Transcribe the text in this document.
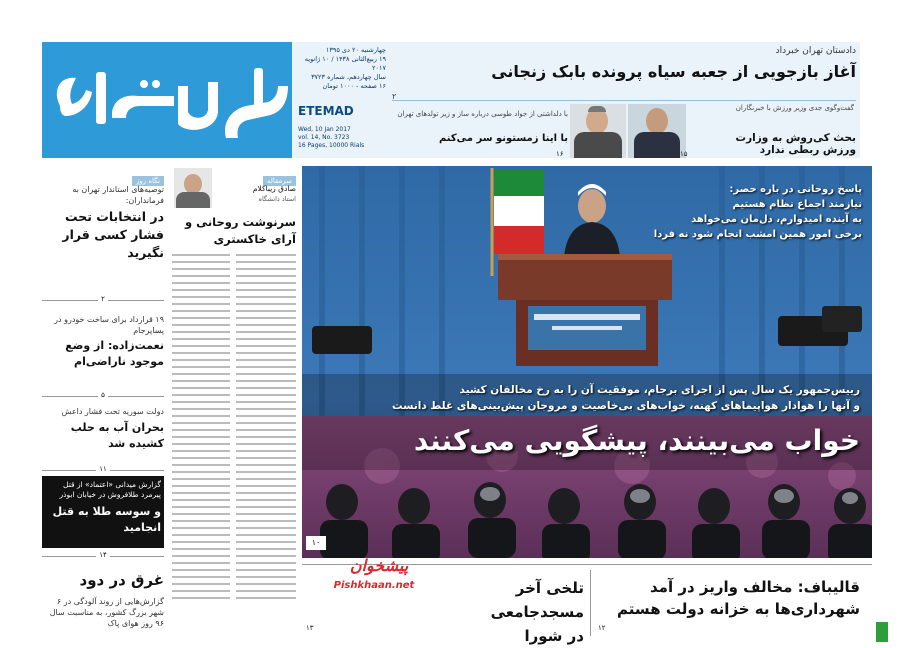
چهارشنبه ۲۰ دی ۱۳۹۵
۱۹ ربیع‌الثانی ۱۴۳۸ / ۱۰ ژانویه ۲۰۱۷
سال چهاردهم، شماره ۳۷۲۳
۱۶ صفحه - ۱۰۰۰ تومان
ETEMAD
Wed, 10 Jan 2017
vol. 14, No. 3723
16 Pages, 10000 Rials
دادستان تهران خبرداد
آغاز بازجویی از جعبه سیاه پرونده بابک زنجانی
۲
گفت‌وگوی جدی وزیر ورزش با خبرنگاران
بحث کی‌روش به وزارت ورزش ربطی ندارد
۱۵
با دلداشتی از جواد طوسی درباره ساز و زیر تولدهای تهران
با اینا زمستونو سر می‌کنم
۱۶
نگاه روز
توصیه‌های استاندار تهران به فرمانداران:
در انتخابات تحت فشار کسی قرار نگیرید
۲
۱۹ قرارداد برای ساخت خودرو در پساپرجام
نعمت‌زاده: از وضع موجود ناراضی‌ام
۵
دولت سوریه تحت فشار داعش
بحران آب به حلب کشیده شد
۱۱
گزارش میدانی «اعتماد» از قتل پیرمرد طلافروش در خیابان ابوذر
و سوسه طلا به قتل انجامید
۱۴
غرق در دود
گزارش‌هایی از روند آلودگی در ۶ شهر بزرگ کشور، به مناسبت سال ۹۶ روز هوای پاک
سرمقاله
صادق زیباکلام
استاد دانشگاه
سرنوشت روحانی و آرای خاکستری
پاسخ روحانی در باره حصر:
نیازمند اجماع نظام هستیم
به آینده امیدوارم، دل‌مان می‌خواهد
برخی امور همین امشب انجام شود نه فردا
رییس‌جمهور یک سال پس از اجرای برجام، موفقیت آن را به رخ مخالفان کشید
و آنها را هوادار هواپیماهای کهنه، خواب‌های بی‌خاصیت و مروجان پیش‌بینی‌های غلط دانست
خواب می‌بینند، پیشگویی می‌کنند
۱۰
قالیباف: مخالف واریز در آمد
شهرداری‌ها به خزانه دولت هستم
۱۲
تلخی آخر مسجدجامعی
در شورا
۱۳
پیشخوان
Pishkhaan.net
